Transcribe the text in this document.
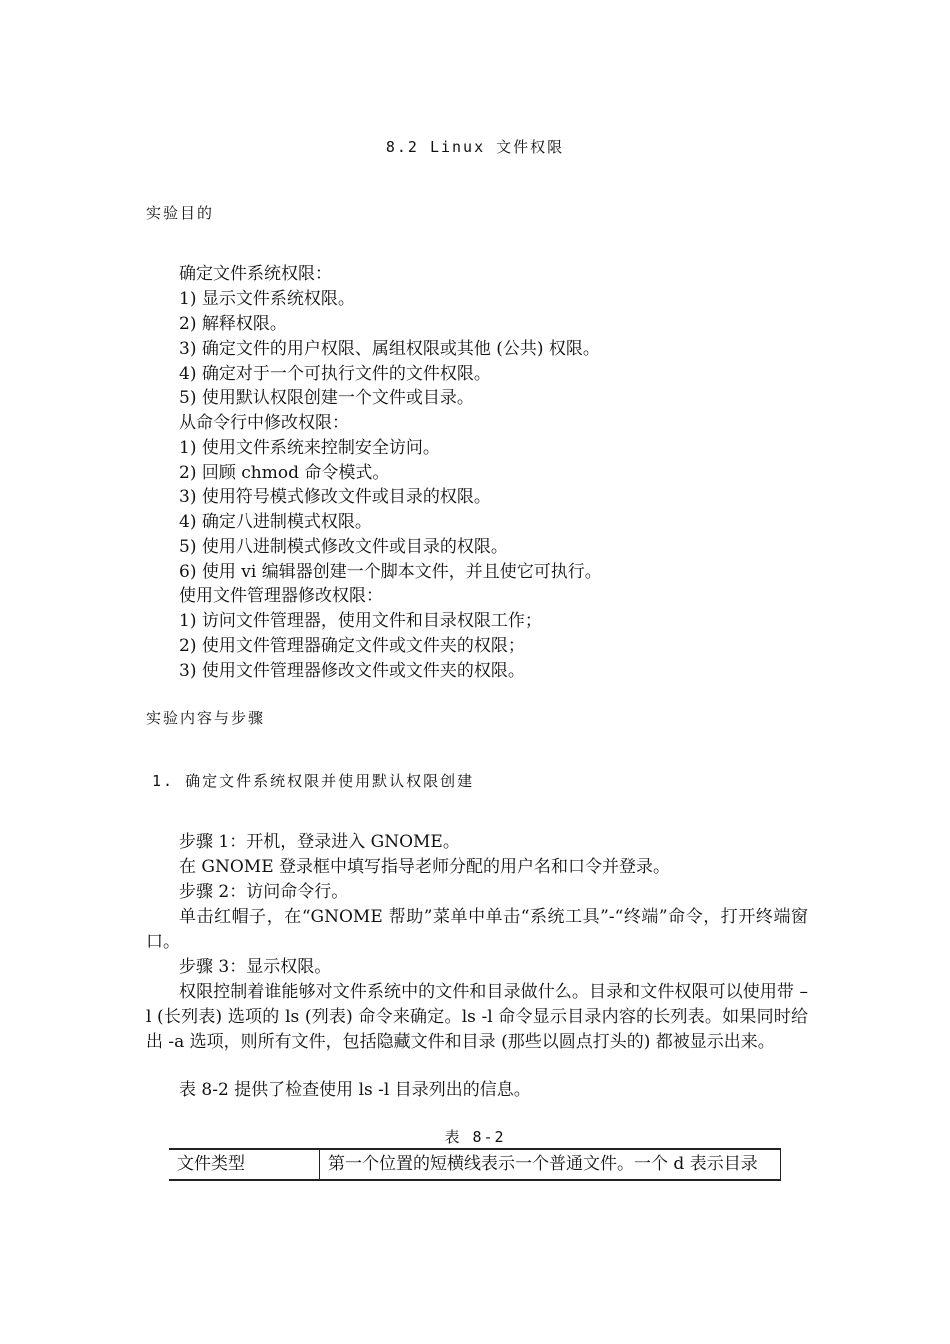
8.2 Linux 文件权限
实验目的
确定文件系统权限：
1) 显示文件系统权限。
2) 解释权限。
3) 确定文件的用户权限、属组权限或其他 (公共) 权限。
4) 确定对于一个可执行文件的文件权限。
5) 使用默认权限创建一个文件或目录。
从命令行中修改权限：
1) 使用文件系统来控制安全访问。
2) 回顾 chmod 命令模式。
3) 使用符号模式修改文件或目录的权限。
4) 确定八进制模式权限。
5) 使用八进制模式修改文件或目录的权限。
6) 使用 vi 编辑器创建一个脚本文件，并且使它可执行。
使用文件管理器修改权限：
1) 访问文件管理器，使用文件和目录权限工作；
2) 使用文件管理器确定文件或文件夹的权限；
3) 使用文件管理器修改文件或文件夹的权限。
实验内容与步骤
1. 确定文件系统权限并使用默认权限创建
步骤 1：开机，登录进入 GNOME。
在 GNOME 登录框中填写指导老师分配的用户名和口令并登录。
步骤 2：访问命令行。
单击红帽子，在“GNOME 帮助”菜单中单击“系统工具”-“终端”命令，打开终端窗口。
步骤 3：显示权限。
权限控制着谁能够对文件系统中的文件和目录做什么。目录和文件权限可以使用带 –l (长列表) 选项的 ls (列表) 命令来确定。ls -l 命令显示目录内容的长列表。如果同时给出 -a 选项，则所有文件，包括隐藏文件和目录 (那些以圆点打头的) 都被显示出来。
表 8-2 提供了检查使用 ls -l 目录列出的信息。
表 8-2
文件类型	第一个位置的短横线表示一个普通文件。一个 d 表示目录
